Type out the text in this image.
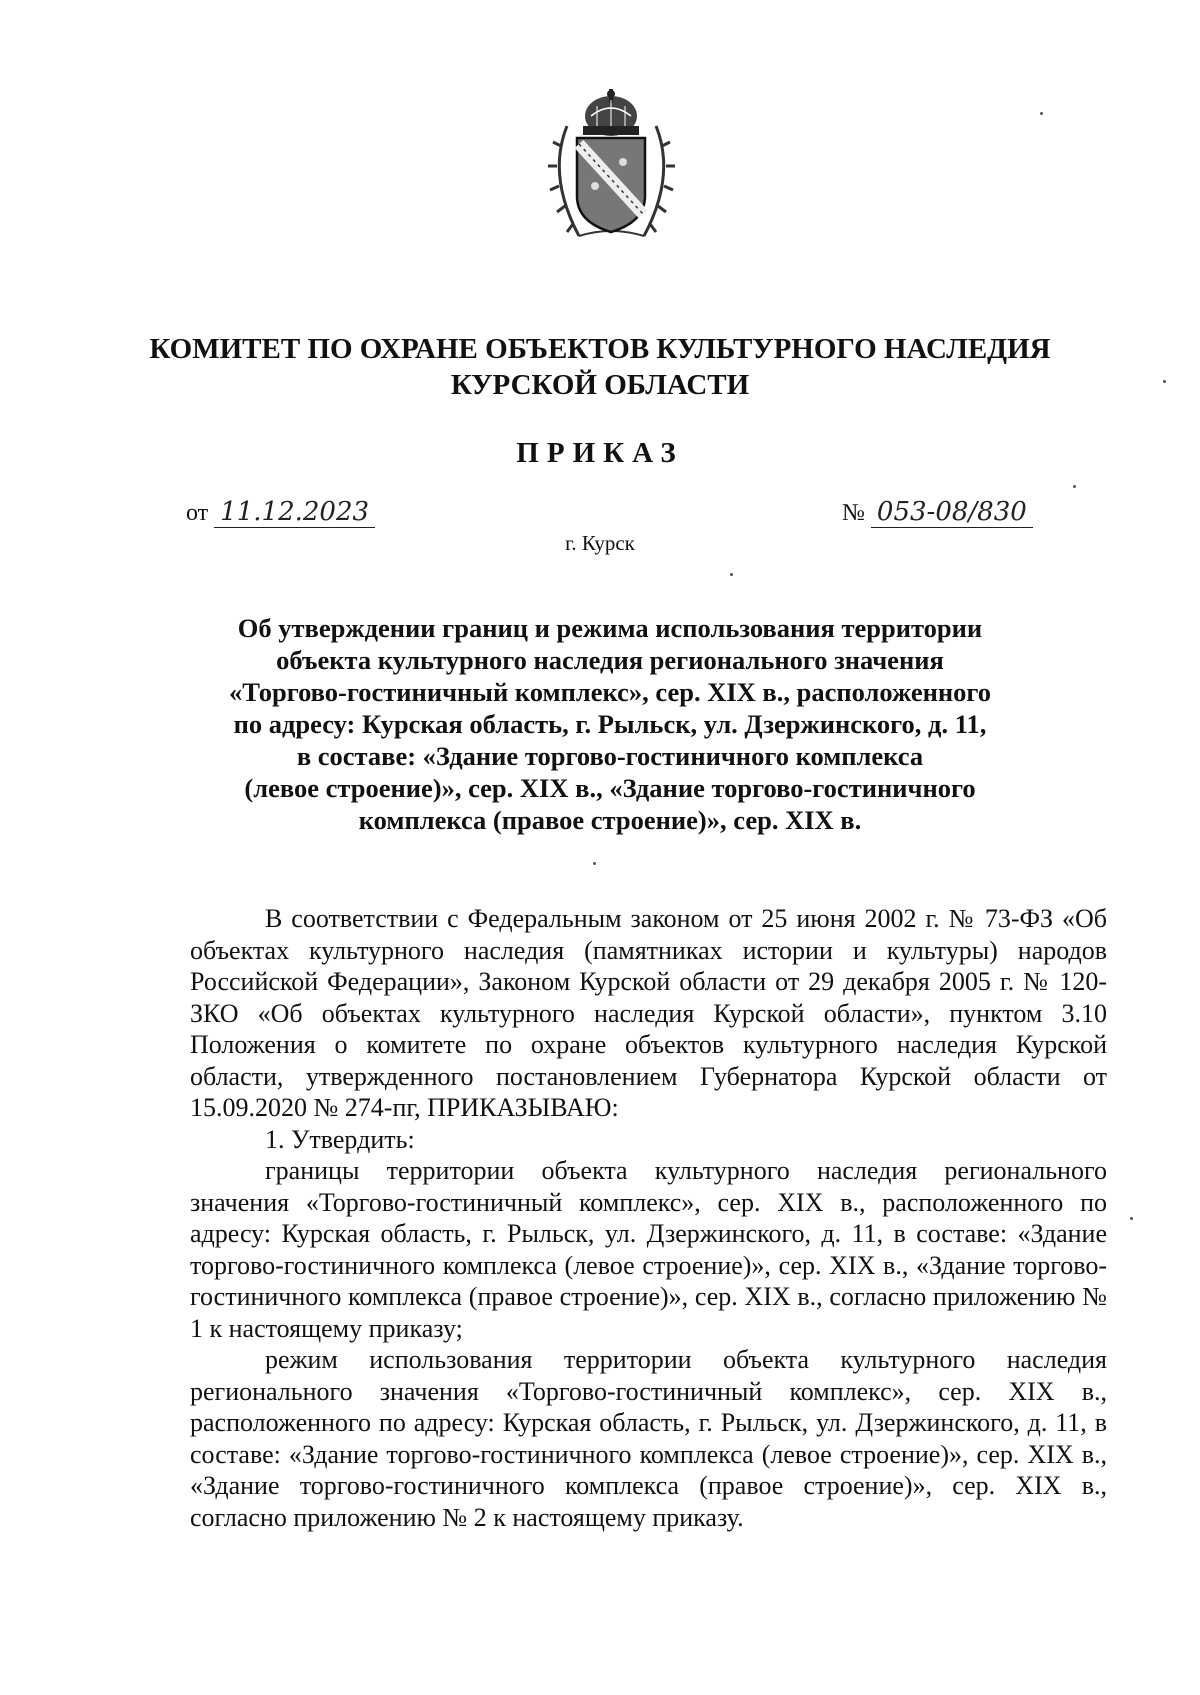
КОМИТЕТ ПО ОХРАНЕ ОБЪЕКТОВ КУЛЬТУРНОГО НАСЛЕДИЯ
КУРСКОЙ ОБЛАСТИ
ПРИКАЗ
от 11.12.2023	№ 053-08/830
г. Курск
Об утверждении границ и режима использования территории
объекта культурного наследия регионального значения
«Торгово-гостиничный комплекс», сер. XIX в., расположенного
по адресу: Курская область, г. Рыльск, ул. Дзержинского, д. 11,
в составе: «Здание торгово-гостиничного комплекса
(левое строение)», сер. XIX в., «Здание торгово-гостиничного
комплекса (правое строение)», сер. XIX в.

В соответствии с Федеральным законом от 25 июня 2002 г. № 73-ФЗ «Об объектах культурного наследия (памятниках истории и культуры) народов Российской Федерации», Законом Курской области от 29 декабря 2005 г. № 120-ЗКО «Об объектах культурного наследия Курской области», пунктом 3.10 Положения о комитете по охране объектов культурного наследия Курской области, утвержденного постановлением Губернатора Курской области от 15.09.2020 № 274-пг, ПРИКАЗЫВАЮ:

1. Утвердить:

границы территории объекта культурного наследия регионального значения «Торгово-гостиничный комплекс», сер. XIX в., расположенного по адресу: Курская область, г. Рыльск, ул. Дзержинского, д. 11, в составе: «Здание торгово-гостиничного комплекса (левое строение)», сер. XIX в., «Здание торгово-гостиничного комплекса (правое строение)», сер. XIX в., согласно приложению № 1 к настоящему приказу;

режим использования территории объекта культурного наследия регионального значения «Торгово-гостиничный комплекс», сер. XIX в., расположенного по адресу: Курская область, г. Рыльск, ул. Дзержинского, д. 11, в составе: «Здание торгово-гостиничного комплекса (левое строение)», сер. XIX в., «Здание торгово-гостиничного комплекса (правое строение)», сер. XIX в., согласно приложению № 2 к настоящему приказу.
